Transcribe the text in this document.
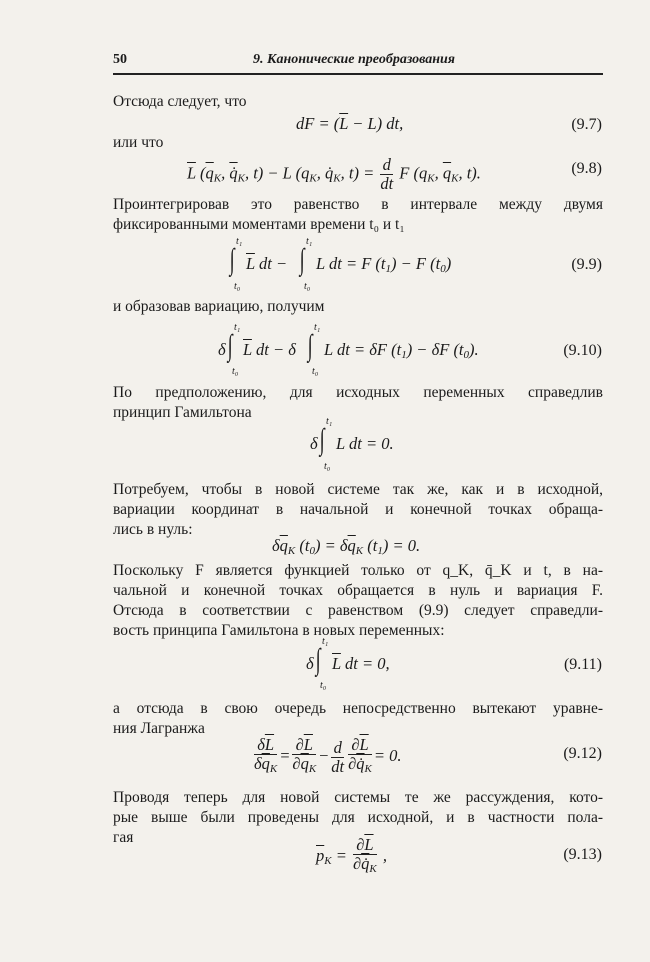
50	9. Канонические преобразования
Отсюда следует, что
dF = $(\overline{L} - L)$ dt,	(9.7)
или что
$\overline{L}$ ($\overline{q}_K$, $q̇_K$, t) − L ($q_K$, $q̇_K$, $t) = \frac{d}{dt}$ F ($q_K$, $\overline{q}_K$, t).	(9.8)
Проинтегрировав это равенство в интервале между двумя
фиксированными моментами времени t₀ и t₁
∫
t₁
t₀
$\overline{L}$ dt − ∫
t₁
t₀
L dt = F $(t_1) - F$ $(t_0)$	(9.9)
и образовав вариацию, получим
δ ∫
t₁
t₀
$\overline{L}$ dt − δ ∫
t₁
t₀
L dt = δF $(t_1) - \delta F$ $(t_0)$.	(9.10)
По предположению, для исходных переменных справедлив
принцип Гамильтона
δ ∫
t₁
t₀
L dt = 0.
Потребуем, чтобы в новой системе так же, как и в исходной,
вариации координат в начальной и конечной точках обраща-
лись в нуль:
$\delta\overline{q}_K$ $(t_0) = \delta\overline{q}_K$ $(t_1) = 0$.
Поскольку F является функцией только от q_K, q̄_K и t, в на-
чальной и конечной точках обращается в нуль и вариация F.
Отсюда в соответствии с равенством (9.9) следует справедли-
вость принципа Гамильтона в новых переменных:
δ ∫
t₁
t₀
$\overline{L}$ dt = 0,	(9.11)
а отсюда в свою очередь непосредственно вытекают уравне-
ния Лагранжа
$\frac{\delta\overline{L}}{\delta\overline{q}_K} = \frac{\partial\overline{L}}{\partial\overline{q}_K} - \frac{d}{dt} \frac{\partial\overline{L}}{\partial q̇_K} = 0$.	(9.12)
Проводя теперь для новой системы те же рассуждения, кото-
рые выше были проведены для исходной, и в частности пола-
гая
$\overline{p}_K = \frac{\partial\overline{L}}{\partial q̇_K}$ ,	(9.13)
